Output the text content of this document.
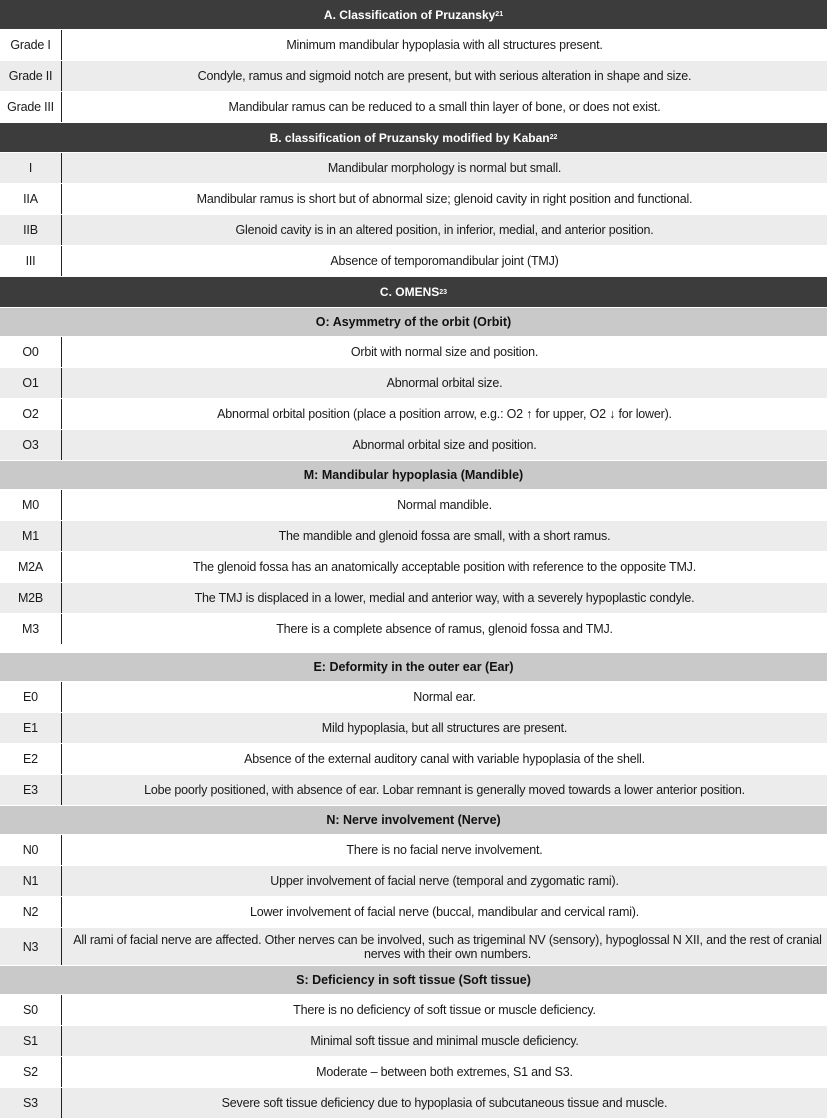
A. Classification of Pruzansky 21
Grade I	Minimum mandibular hypoplasia with all structures present.
Grade II	Condyle, ramus and sigmoid notch are present, but with serious alteration in shape and size.
Grade III	Mandibular ramus can be reduced to a small thin layer of bone, or does not exist.
B. classification of Pruzansky modified by Kaban 22
I	Mandibular morphology is normal but small.
IIA	Mandibular ramus is short but of abnormal size; glenoid cavity in right position and functional.
IIB	Glenoid cavity is in an altered position, in inferior, medial, and anterior position.
III	Absence of temporomandibular joint (TMJ)
C. OMENS 23
O: Asymmetry of the orbit (Orbit)
O0	Orbit with normal size and position.
O1	Abnormal orbital size.
O2	Abnormal orbital position (place a position arrow, e.g.: O2 ↑ for upper, O2 ↓ for lower).
O3	Abnormal orbital size and position.
M: Mandibular hypoplasia (Mandible)
M0	Normal mandible.
M1	The mandible and glenoid fossa are small, with a short ramus.
M2A	The glenoid fossa has an anatomically acceptable position with reference to the opposite TMJ.
M2B	The TMJ is displaced in a lower, medial and anterior way, with a severely hypoplastic condyle.
M3	There is a complete absence of ramus, glenoid fossa and TMJ.
E: Deformity in the outer ear (Ear)
E0	Normal ear.
E1	Mild hypoplasia, but all structures are present.
E2	Absence of the external auditory canal with variable hypoplasia of the shell.
E3	Lobe poorly positioned, with absence of ear. Lobar remnant is generally moved towards a lower anterior position.
N: Nerve involvement (Nerve)
N0	There is no facial nerve involvement.
N1	Upper involvement of facial nerve (temporal and zygomatic rami).
N2	Lower involvement of facial nerve (buccal, mandibular and cervical rami).
N3	All rami of facial nerve are affected. Other nerves can be involved, such as trigeminal NV (sensory), hypoglossal N XII, and the rest of cranial nerves with their own numbers.
S: Deficiency in soft tissue (Soft tissue)
S0	There is no deficiency of soft tissue or muscle deficiency.
S1	Minimal soft tissue and minimal muscle deficiency.
S2	Moderate – between both extremes, S1 and S3.
S3	Severe soft tissue deficiency due to hypoplasia of subcutaneous tissue and muscle.
